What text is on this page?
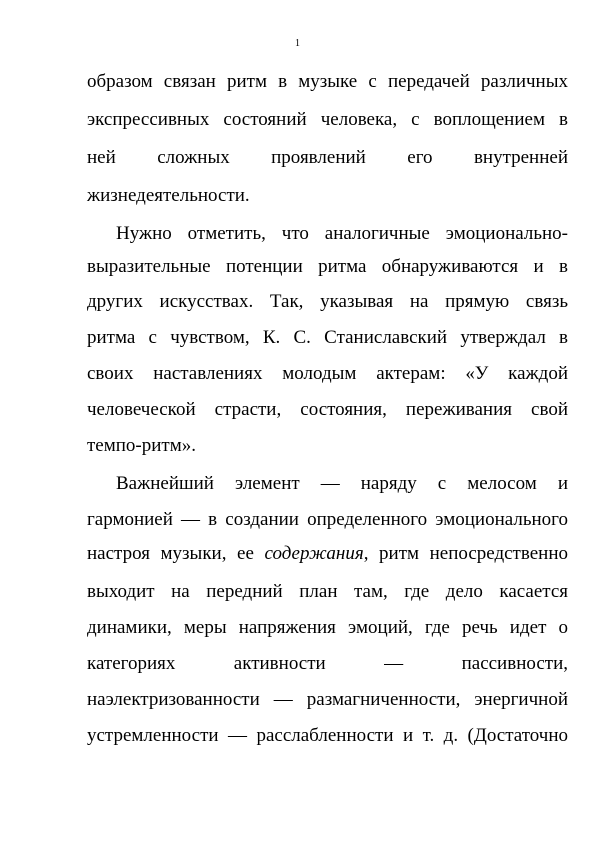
1
образом связан ритм в музыке с передачей различных
экспрессивных состояний человека, с воплощением в
ней сложных проявлений его внутренней
жизнедеятельности.
Нужно отметить, что аналогичные эмоционально-
выразительные потенции ритма обнаруживаются и в
других искусствах. Так, указывая на прямую связь
ритма с чувством, К. С. Станиславский утверждал в
своих наставлениях молодым актерам: «У каждой
человеческой страсти, состояния, переживания свой
темпо-ритм».
Важнейший элемент — наряду с мелосом и
гармонией — в создании определенного эмоционального
настроя музыки, ее содержания, ритм непосредственно
выходит на передний план там, где дело касается
динамики, меры напряжения эмоций, где речь идет о
категориях активности — пассивности,
наэлектризованности — размагниченности, энергичной
устремленности — расслабленности и т. д. (Достаточно
